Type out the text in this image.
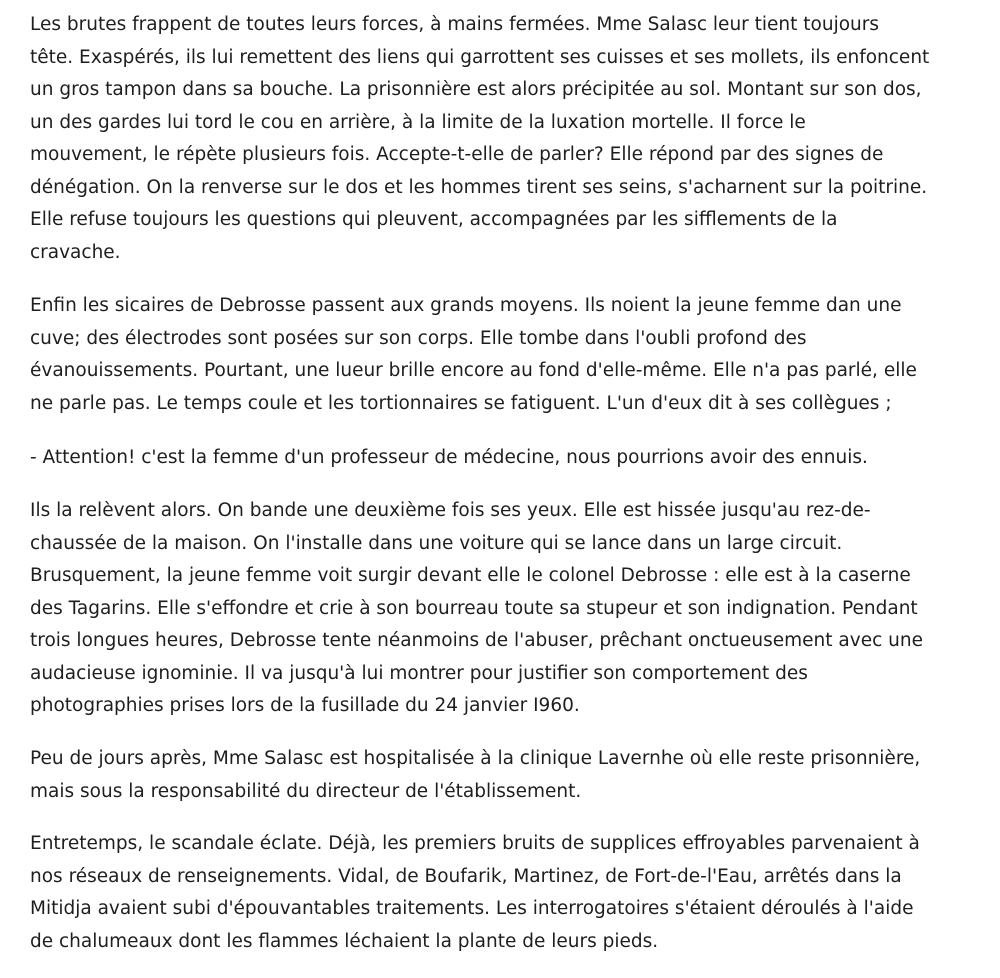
Les brutes frappent de toutes leurs forces, à mains fermées. Mme Salasc leur tient toujours
tête. Exaspérés, ils lui remettent des liens qui garrottent ses cuisses et ses mollets, ils enfoncent
un gros tampon dans sa bouche. La prisonnière est alors précipitée au sol. Montant sur son dos,
un des gardes lui tord le cou en arrière, à la limite de la luxation mortelle. Il force le
mouvement, le répète plusieurs fois. Accepte-t-elle de parler? Elle répond par des signes de
dénégation. On la renverse sur le dos et les hommes tirent ses seins, s'acharnent sur la poitrine.
Elle refuse toujours les questions qui pleuvent, accompagnées par les sifflements de la
cravache.

Enfin les sicaires de Debrosse passent aux grands moyens. Ils noient la jeune femme dan une
cuve; des électrodes sont posées sur son corps. Elle tombe dans l'oubli profond des
évanouissements. Pourtant, une lueur brille encore au fond d'elle-même. Elle n'a pas parlé, elle
ne parle pas. Le temps coule et les tortionnaires se fatiguent. L'un d'eux dit à ses collègues ;

- Attention! c'est la femme d'un professeur de médecine, nous pourrions avoir des ennuis.

Ils la relèvent alors. On bande une deuxième fois ses yeux. Elle est hissée jusqu'au rez-de-
chaussée de la maison. On l'installe dans une voiture qui se lance dans un large circuit.
Brusquement, la jeune femme voit surgir devant elle le colonel Debrosse : elle est à la caserne
des Tagarins. Elle s'effondre et crie à son bourreau toute sa stupeur et son indignation. Pendant
trois longues heures, Debrosse tente néanmoins de l'abuser, prêchant onctueusement avec une
audacieuse ignominie. Il va jusqu'à lui montrer pour justifier son comportement des
photographies prises lors de la fusillade du 24 janvier I960.

Peu de jours après, Mme Salasc est hospitalisée à la clinique Lavernhe où elle reste prisonnière,
mais sous la responsabilité du directeur de l'établissement.

Entretemps, le scandale éclate. Déjà, les premiers bruits de supplices effroyables parvenaient à
nos réseaux de renseignements. Vidal, de Boufarik, Martinez, de Fort-de-l'Eau, arrêtés dans la
Mitidja avaient subi d'épouvantables traitements. Les interrogatoires s'étaient déroulés à l'aide
de chalumeaux dont les flammes léchaient la plante de leurs pieds.
